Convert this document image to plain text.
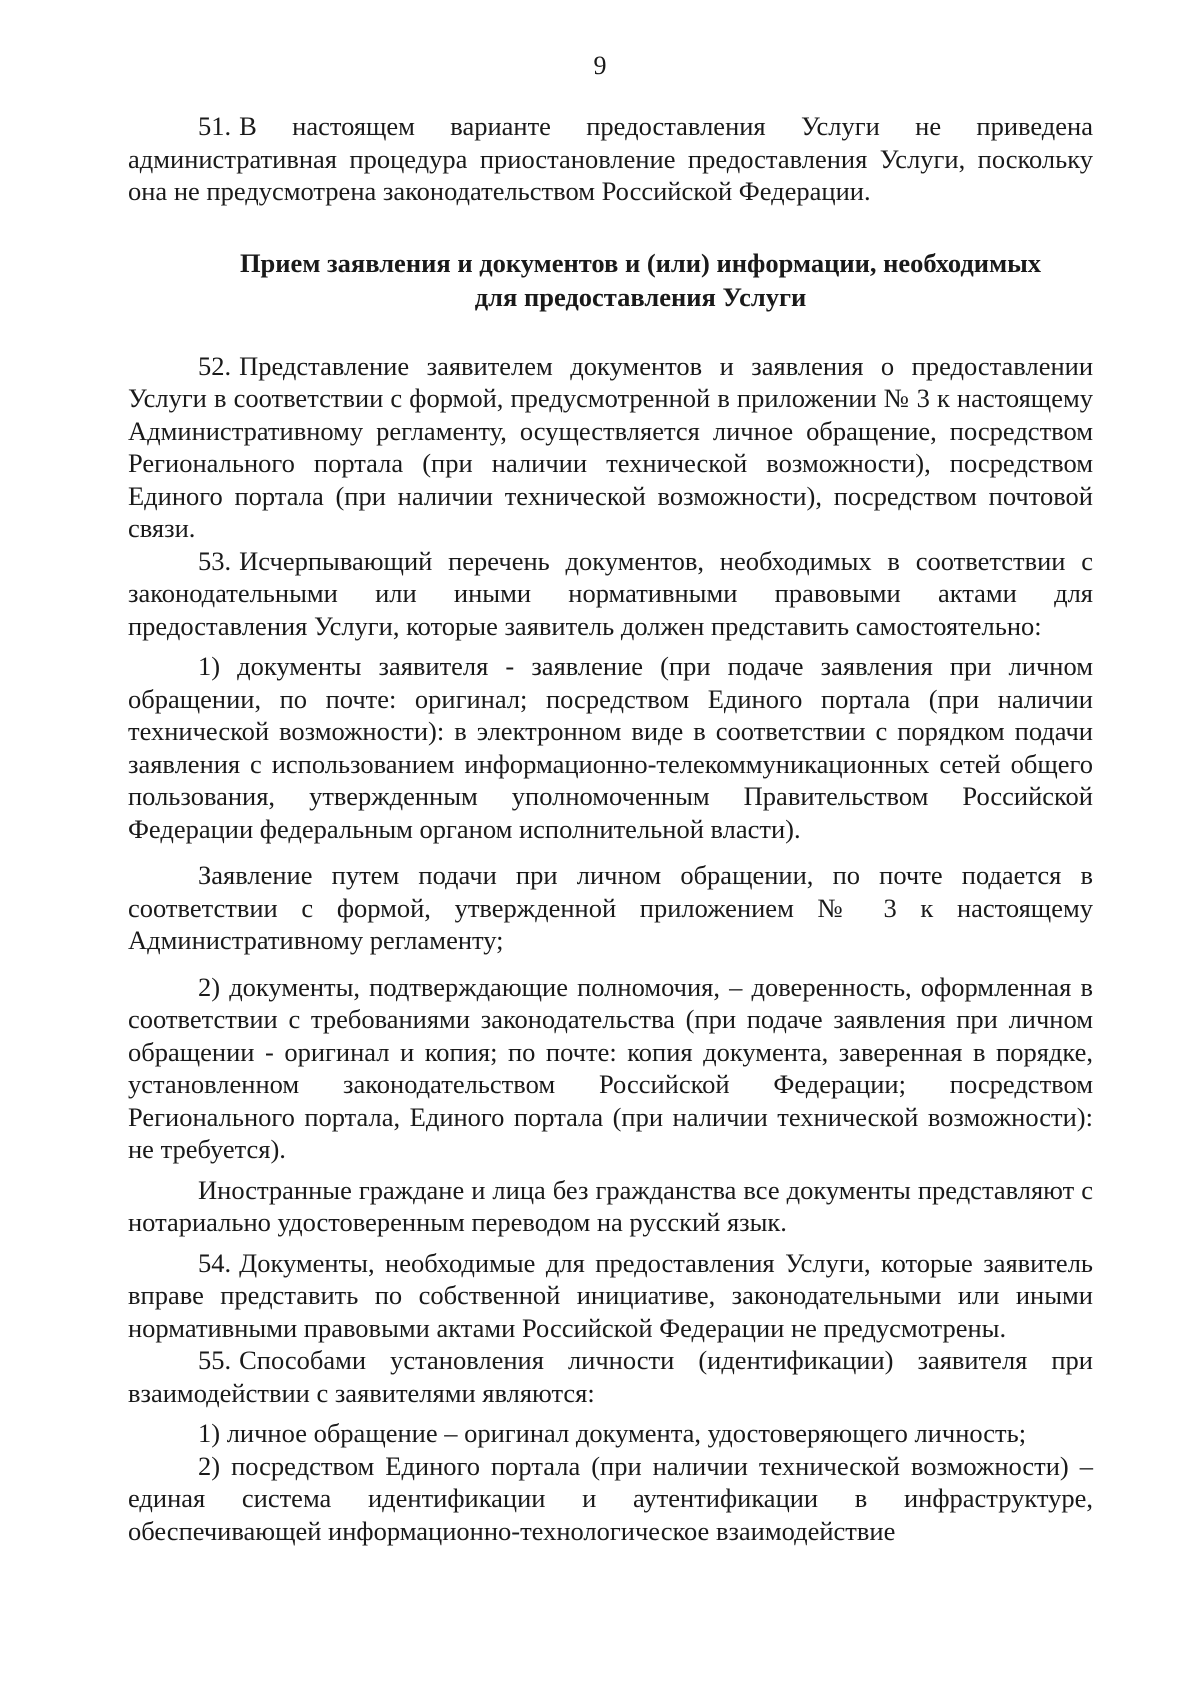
9

51. В настоящем варианте предоставления Услуги не приведена административная процедура приостановление предоставления Услуги, поскольку она не предусмотрена законодательством Российской Федерации.

Прием заявления и документов и (или) информации, необходимых
для предоставления Услуги

52. Представление заявителем документов и заявления о предоставлении Услуги в соответствии с формой, предусмотренной в приложении № 3 к настоящему Административному регламенту, осуществляется личное обращение, посредством Регионального портала (при наличии технической возможности), посредством Единого портала (при наличии технической возможности), посредством почтовой связи.

53. Исчерпывающий перечень документов, необходимых в соответствии с законодательными или иными нормативными правовыми актами для предоставления Услуги, которые заявитель должен представить самостоятельно:

1) документы заявителя - заявление (при подаче заявления при личном обращении, по почте: оригинал; посредством Единого портала (при наличии технической возможности): в электронном виде в соответствии с порядком подачи заявления с использованием информационно-телекоммуникационных сетей общего пользования, утвержденным уполномоченным Правительством Российской Федерации федеральным органом исполнительной власти).

Заявление путем подачи при личном обращении, по почте подается в соответствии с формой, утвержденной приложением № 3 к настоящему Административному регламенту;

2) документы, подтверждающие полномочия, – доверенность, оформленная в соответствии с требованиями законодательства (при подаче заявления при личном обращении - оригинал и копия; по почте: копия документа, заверенная в порядке, установленном законодательством Российской Федерации; посредством Регионального портала, Единого портала (при наличии технической возможности): не требуется).

Иностранные граждане и лица без гражданства все документы представляют с нотариально удостоверенным переводом на русский язык.

54. Документы, необходимые для предоставления Услуги, которые заявитель вправе представить по собственной инициативе, законодательными или иными нормативными правовыми актами Российской Федерации не предусмотрены.

55. Способами установления личности (идентификации) заявителя при взаимодействии с заявителями являются:

1) личное обращение – оригинал документа, удостоверяющего личность;

2) посредством Единого портала (при наличии технической возможности) – единая система идентификации и аутентификации в инфраструктуре, обеспечивающей информационно-технологическое взаимодействие
